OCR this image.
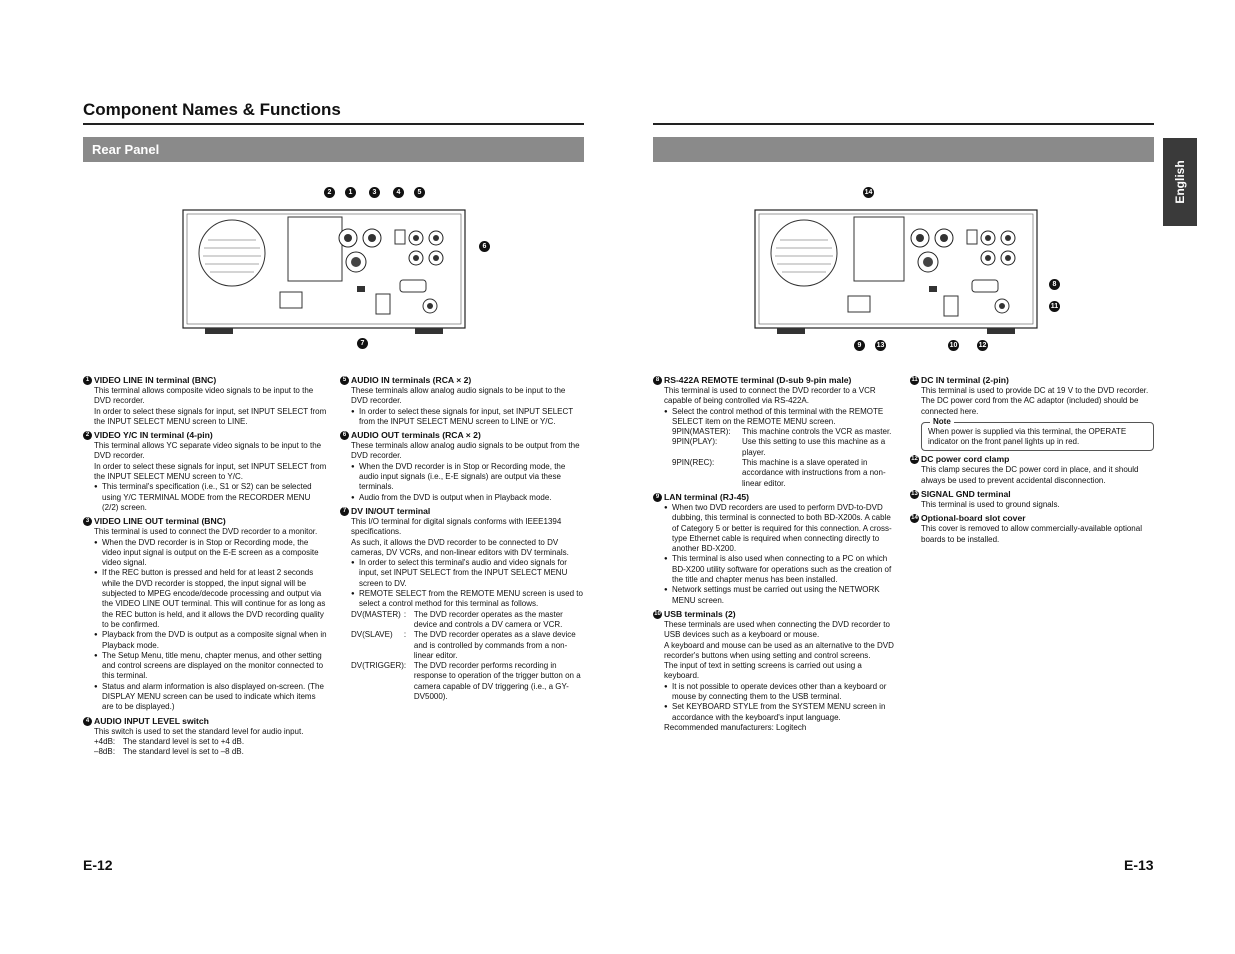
Component Names & Functions
Rear Panel
English
2	1	3	4	5
6
7
14
8
11
9	13	10	12
1 VIDEO LINE IN terminal (BNC)

This terminal allows composite video signals to be input to the DVD recorder.

In order to select these signals for input, set INPUT SELECT from the INPUT SELECT MENU screen to LINE.

2 VIDEO Y/C IN terminal (4-pin)

This terminal allows YC separate video signals to be input to the DVD recorder.

In order to select these signals for input, set INPUT SELECT from the INPUT SELECT MENU screen to Y/C.

● This terminal's specification (i.e., S1 or S2) can be selected using Y/C TERMINAL MODE from the RECORDER MENU (2/2) screen.
3 VIDEO LINE OUT terminal (BNC)

This terminal is used to connect the DVD recorder to a monitor.

● When the DVD recorder is in Stop or Recording mode, the video input signal is output on the E-E screen as a composite video signal.
● If the REC button is pressed and held for at least 2 seconds while the DVD recorder is stopped, the input signal will be subjected to MPEG encode/decode processing and output via the VIDEO LINE OUT terminal. This will continue for as long as the REC button is held, and it allows the DVD recording quality to be confirmed.
● Playback from the DVD is output as a composite signal when in Playback mode.
● The Setup Menu, title menu, chapter menus, and other setting and control screens are displayed on the monitor connected to this terminal.
● Status and alarm information is also displayed on-screen. (The DISPLAY MENU screen can be used to indicate which items are to be displayed.)
4 AUDIO INPUT LEVEL switch

This switch is used to set the standard level for audio input.

+4dB : The standard level is set to +4 dB.
–8dB : The standard level is set to –8 dB.
5 AUDIO IN terminals (RCA × 2)

These terminals allow analog audio signals to be input to the DVD recorder.

● In order to select these signals for input, set INPUT SELECT from the INPUT SELECT MENU screen to LINE or Y/C.
6 AUDIO OUT terminals (RCA × 2)

These terminals allow analog audio signals to be output from the DVD recorder.

● When the DVD recorder is in Stop or Recording mode, the audio input signals (i.e., E-E signals) are output via these terminals.
● Audio from the DVD is output when in Playback mode.
7 DV IN/OUT terminal

This I/O terminal for digital signals conforms with IEEE1394 specifications.

As such, it allows the DVD recorder to be connected to DV cameras, DV VCRs, and non-linear editors with DV terminals.

● In order to select this terminal's audio and video signals for input, set INPUT SELECT from the INPUT SELECT MENU screen to DV.
● REMOTE SELECT from the REMOTE MENU screen is used to select a control method for this terminal as follows.
DV(MASTER) : The DVD recorder operates as the master device and controls a DV camera or VCR.
DV(SLAVE)	: The DVD recorder operates as a slave device and is controlled by commands from a non-linear editor.
DV(TRIGGER) : The DVD recorder performs recording in response to operation of the trigger button on a camera capable of DV triggering (i.e., a GY-DV5000).
8 RS-422A REMOTE terminal (D-sub 9-pin male)

This terminal is used to connect the DVD recorder to a VCR capable of being controlled via RS-422A.

● Select the control method of this terminal with the REMOTE SELECT item on the REMOTE MENU screen.
9PIN(MASTER):	This machine controls the VCR as master.
9PIN(PLAY):	Use this setting to use this machine as a player.
9PIN(REC):	This machine is a slave operated in accordance with instructions from a non-linear editor.
9 LAN terminal (RJ-45)
● When two DVD recorders are used to perform DVD-to-DVD dubbing, this terminal is connected to both BD-X200s. A cable of Category 5 or better is required for this connection. A cross-type Ethernet cable is required when connecting directly to another BD-X200.
● This terminal is also used when connecting to a PC on which BD-X200 utility software for operations such as the creation of the title and chapter menus has been installed.
● Network settings must be carried out using the NETWORK MENU screen.
10 USB terminals (2)

These terminals are used when connecting the DVD recorder to USB devices such as a keyboard or mouse.

A keyboard and mouse can be used as an alternative to the DVD recorder's buttons when using setting and control screens.

The input of text in setting screens is carried out using a keyboard.

● It is not possible to operate devices other than a keyboard or mouse by connecting them to the USB terminal.
● Set KEYBOARD STYLE from the SYSTEM MENU screen in accordance with the keyboard's input language.

Recommended manufacturers: Logitech

11 DC IN terminal (2-pin)

This terminal is used to provide DC at 19 V to the DVD recorder. The DC power cord from the AC adaptor (included) should be connected here.

Note
When power is supplied via this terminal, the OPERATE indicator on the front panel lights up in red.
12 DC power cord clamp

This clamp secures the DC power cord in place, and it should always be used to prevent accidental disconnection.

13 SIGNAL GND terminal

This terminal is used to ground signals.

14 Optional-board slot cover

This cover is removed to allow commercially-available optional boards to be installed.

E-12	E-13
